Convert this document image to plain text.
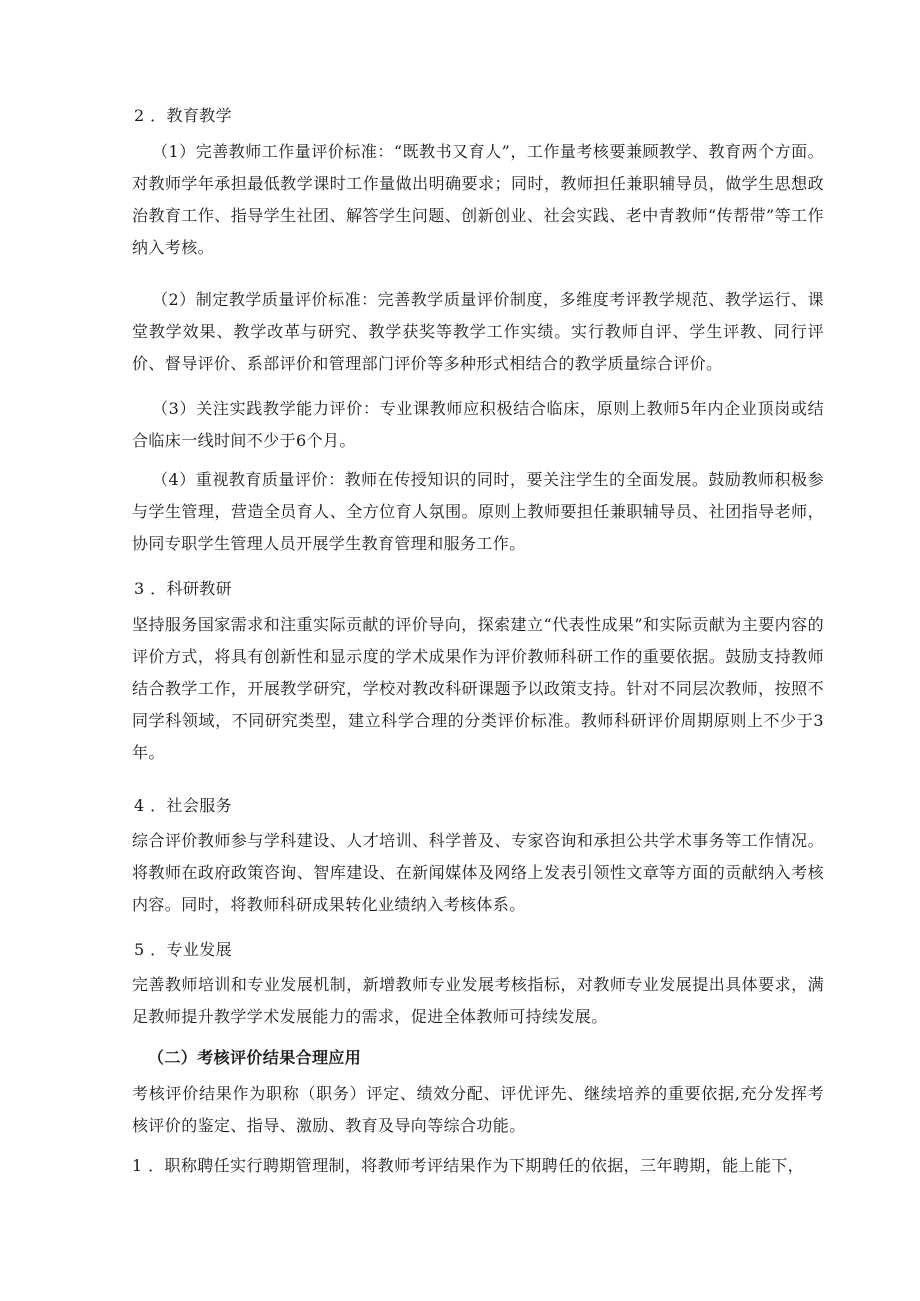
2 ．教育教学
（1）完善教师工作量评价标准：“既教书又育人”，工作量考核要兼顾教学、教育两个方面。对教师学年承担最低教学课时工作量做出明确要求；同时，教师担任兼职辅导员，做学生思想政治教育工作、指导学生社团、解答学生问题、创新创业、社会实践、老中青教师“传帮带”等工作纳入考核。
（2）制定教学质量评价标准：完善教学质量评价制度，多维度考评教学规范、教学运行、课堂教学效果、教学改革与研究、教学获奖等教学工作实绩。实行教师自评、学生评教、同行评价、督导评价、系部评价和管理部门评价等多种形式相结合的教学质量综合评价。
（3）关注实践教学能力评价：专业课教师应积极结合临床，原则上教师5年内企业顶岗或结合临床一线时间不少于6个月。
（4）重视教育质量评价：教师在传授知识的同时，要关注学生的全面发展。鼓励教师积极参与学生管理，营造全员育人、全方位育人氛围。原则上教师要担任兼职辅导员、社团指导老师，协同专职学生管理人员开展学生教育管理和服务工作。
3 ．科研教研
坚持服务国家需求和注重实际贡献的评价导向，探索建立“代表性成果”和实际贡献为主要内容的评价方式，将具有创新性和显示度的学术成果作为评价教师科研工作的重要依据。鼓励支持教师结合教学工作，开展教学研究，学校对教改科研课题予以政策支持。针对不同层次教师，按照不同学科领域，不同研究类型，建立科学合理的分类评价标准。教师科研评价周期原则上不少于3年。
4 ．社会服务
综合评价教师参与学科建设、人才培训、科学普及、专家咨询和承担公共学术事务等工作情况。将教师在政府政策咨询、智库建设、在新闻媒体及网络上发表引领性文章等方面的贡献纳入考核内容。同时，将教师科研成果转化业绩纳入考核体系。
5 ．专业发展
完善教师培训和专业发展机制，新增教师专业发展考核指标，对教师专业发展提出具体要求，满足教师提升教学学术发展能力的需求，促进全体教师可持续发展。
（二）考核评价结果合理应用
考核评价结果作为职称（职务）评定、绩效分配、评优评先、继续培养的重要依据,充分发挥考核评价的鉴定、指导、激励、教育及导向等综合功能。
1 ．职称聘任实行聘期管理制，将教师考评结果作为下期聘任的依据，三年聘期，能上能下，
